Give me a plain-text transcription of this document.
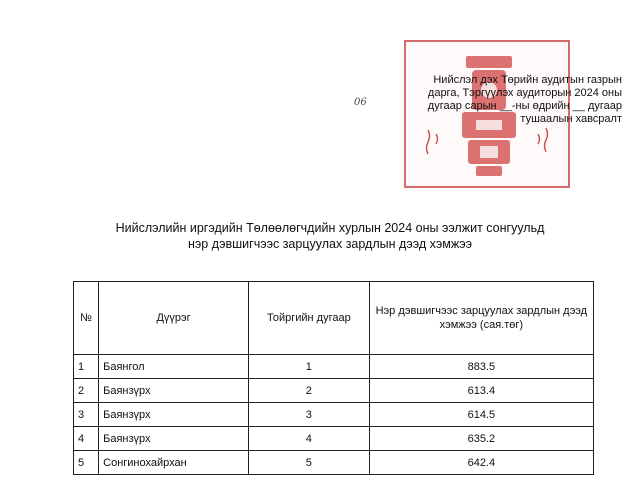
Нийслэл дэх Төрийн аудитын газрын
дарга, Тэргүүлэх аудиторын 2024 оны
дугаар сарын __-ны өдрийн __ дугаар
тушаалын хавсралт
06
Нийслэлийн иргэдийн Төлөөлөгчдийн хурлын 2024 оны ээлжит сонгуульд
нэр дэвшигчээс зарцуулах зардлын дээд хэмжээ
№	Дүүрэг	Тойргийн дугаар	Нэр дэвшигчээс зарцуулах зардлын дээд хэмжээ (сая.төг)
1	Баянгол	1	883.5
2	Баянзүрх	2	613.4
3	Баянзүрх	3	614.5
4	Баянзүрх	4	635.2
5	Сонгинохайрхан	5	642.4
